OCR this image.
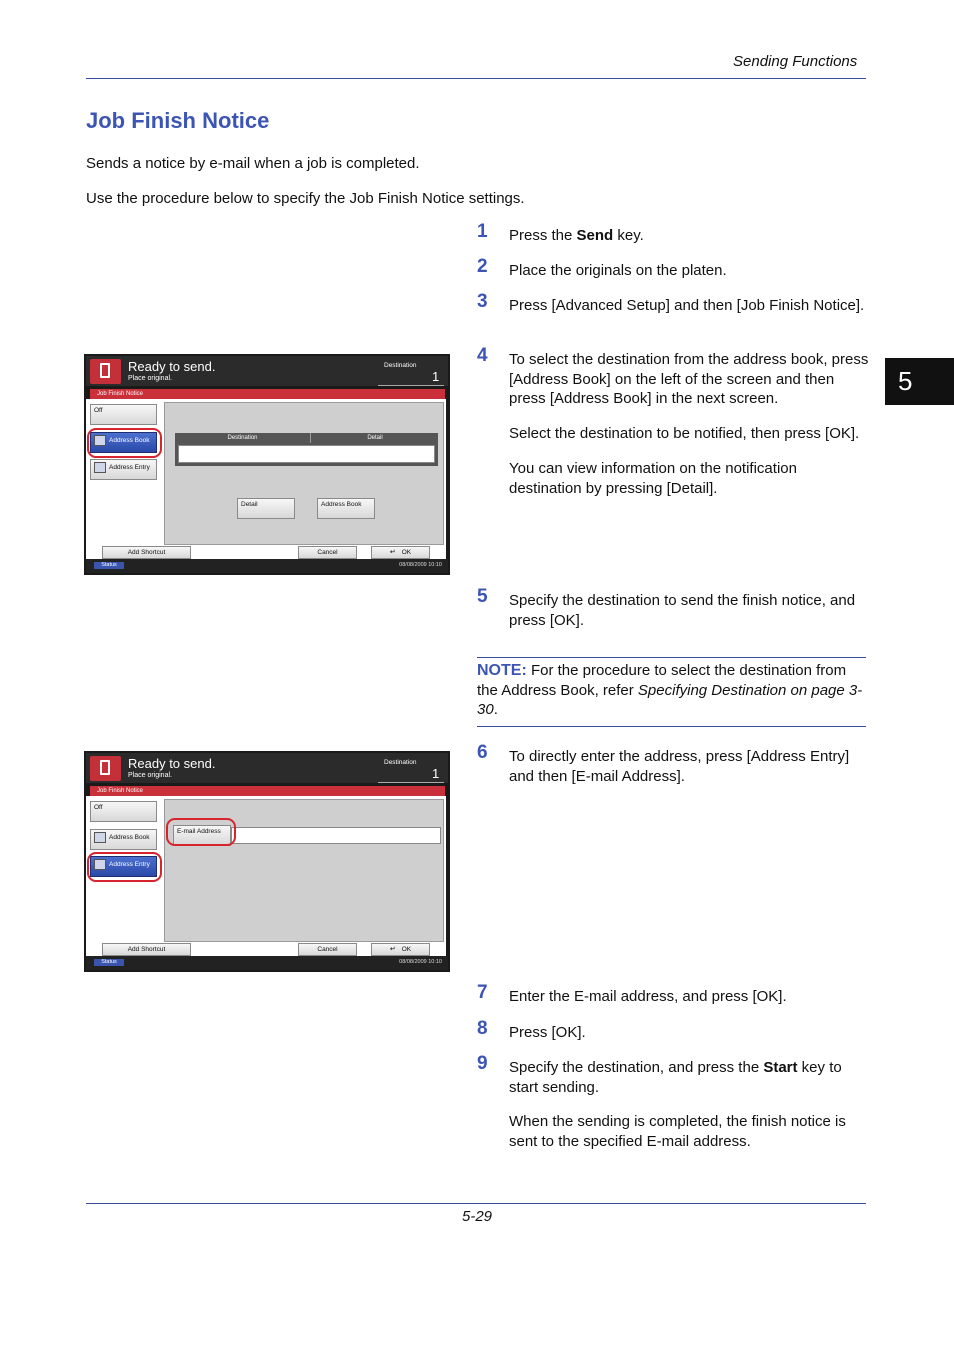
Sending Functions
5
Job Finish Notice
Sends a notice by e-mail when a job is completed.
Use the procedure below to specify the Job Finish Notice settings.
1 Press the Send key.
2 Place the originals on the platen.
3 Press [Advanced Setup] and then [Job Finish Notice].
4 To select the destination from the address book, press [Address Book] on the left of the screen and then press [Address Book] in the next screen.
Select the destination to be notified, then press [OK].
You can view information on the notification destination by pressing [Detail].
5 Specify the destination to send the finish notice, and press [OK].
NOTE: For the procedure to select the destination from the Address Book, refer Specifying Destination on page 3-30.
6 To directly enter the address, press [Address Entry] and then [E-mail Address].
7 Enter the E-mail address, and press [OK].
8 Press [OK].
9 Specify the destination, and press the Start key to start sending.
When the sending is completed, the finish notice is sent to the specified E-mail address.
Ready to send.
Place original.
Destination
1
Job Finish Notice
Off
Address Book
Address Entry
Destination	Detail
Detail	Address Book
Add Shortcut	Cancel	↵ OK
Status	08/08/2009 10:10
Ready to send.
Place original.
Destination
1
Job Finish Notice
Off
Address Book
Address Entry
E-mail Address
Add Shortcut	Cancel	↵ OK
Status	08/08/2009 10:10
5-29
